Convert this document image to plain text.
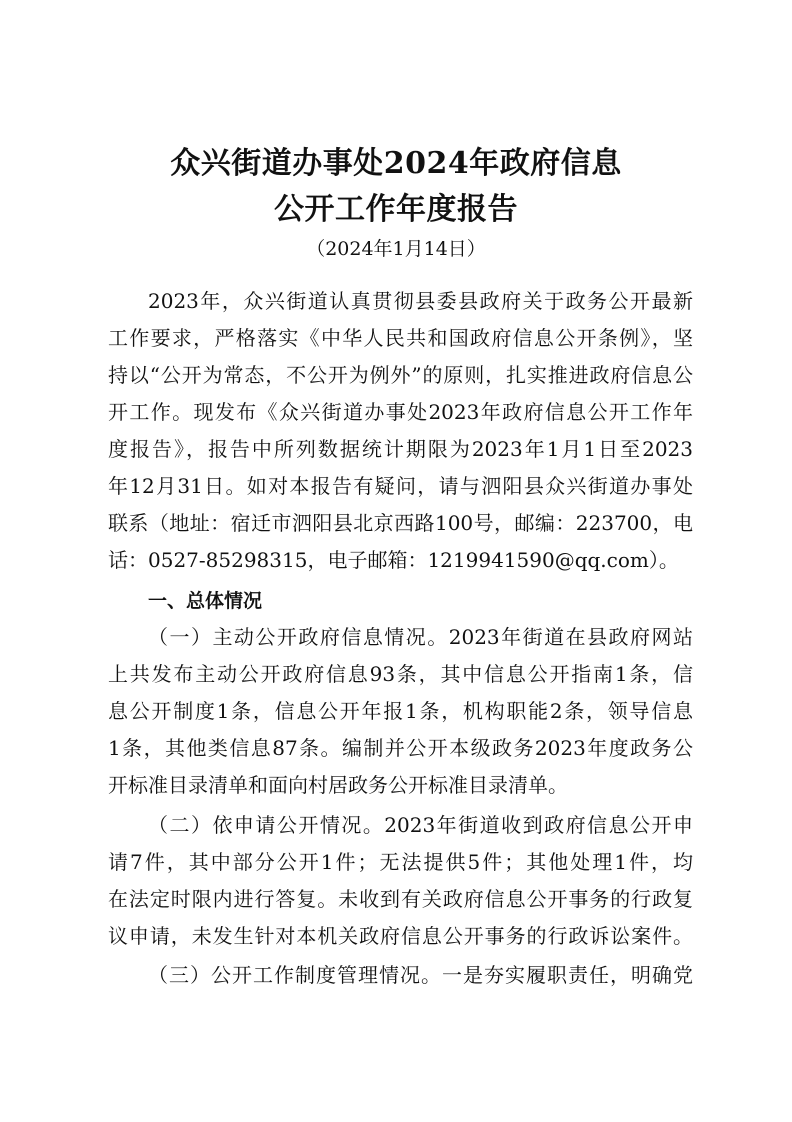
众兴街道办事处2024年政府信息
公开工作年度报告
（2024年1月14日）
2023年，众兴街道认真贯彻县委县政府关于政务公开最新
工作要求，严格落实《中华人民共和国政府信息公开条例》，坚
持以“公开为常态，不公开为例外”的原则，扎实推进政府信息公
开工作。现发布《众兴街道办事处2023年政府信息公开工作年
度报告》，报告中所列数据统计期限为2023年1月1日至2023
年12月31日。如对本报告有疑问，请与泗阳县众兴街道办事处
联系（地址：宿迁市泗阳县北京西路100号，邮编：223700，电
话：0527-85298315，电子邮箱：1219941590@qq.com）。
一、总体情况
（一）主动公开政府信息情况。2023年街道在县政府网站
上共发布主动公开政府信息93条，其中信息公开指南1条，信
息公开制度1条，信息公开年报1条，机构职能2条，领导信息
1条，其他类信息87条。编制并公开本级政务2023年度政务公
开标准目录清单和面向村居政务公开标准目录清单。
（二）依申请公开情况。2023年街道收到政府信息公开申
请7件，其中部分公开1件；无法提供5件；其他处理1件，均
在法定时限内进行答复。未收到有关政府信息公开事务的行政复
议申请，未发生针对本机关政府信息公开事务的行政诉讼案件。
（三）公开工作制度管理情况。一是夯实履职责任，明确党
